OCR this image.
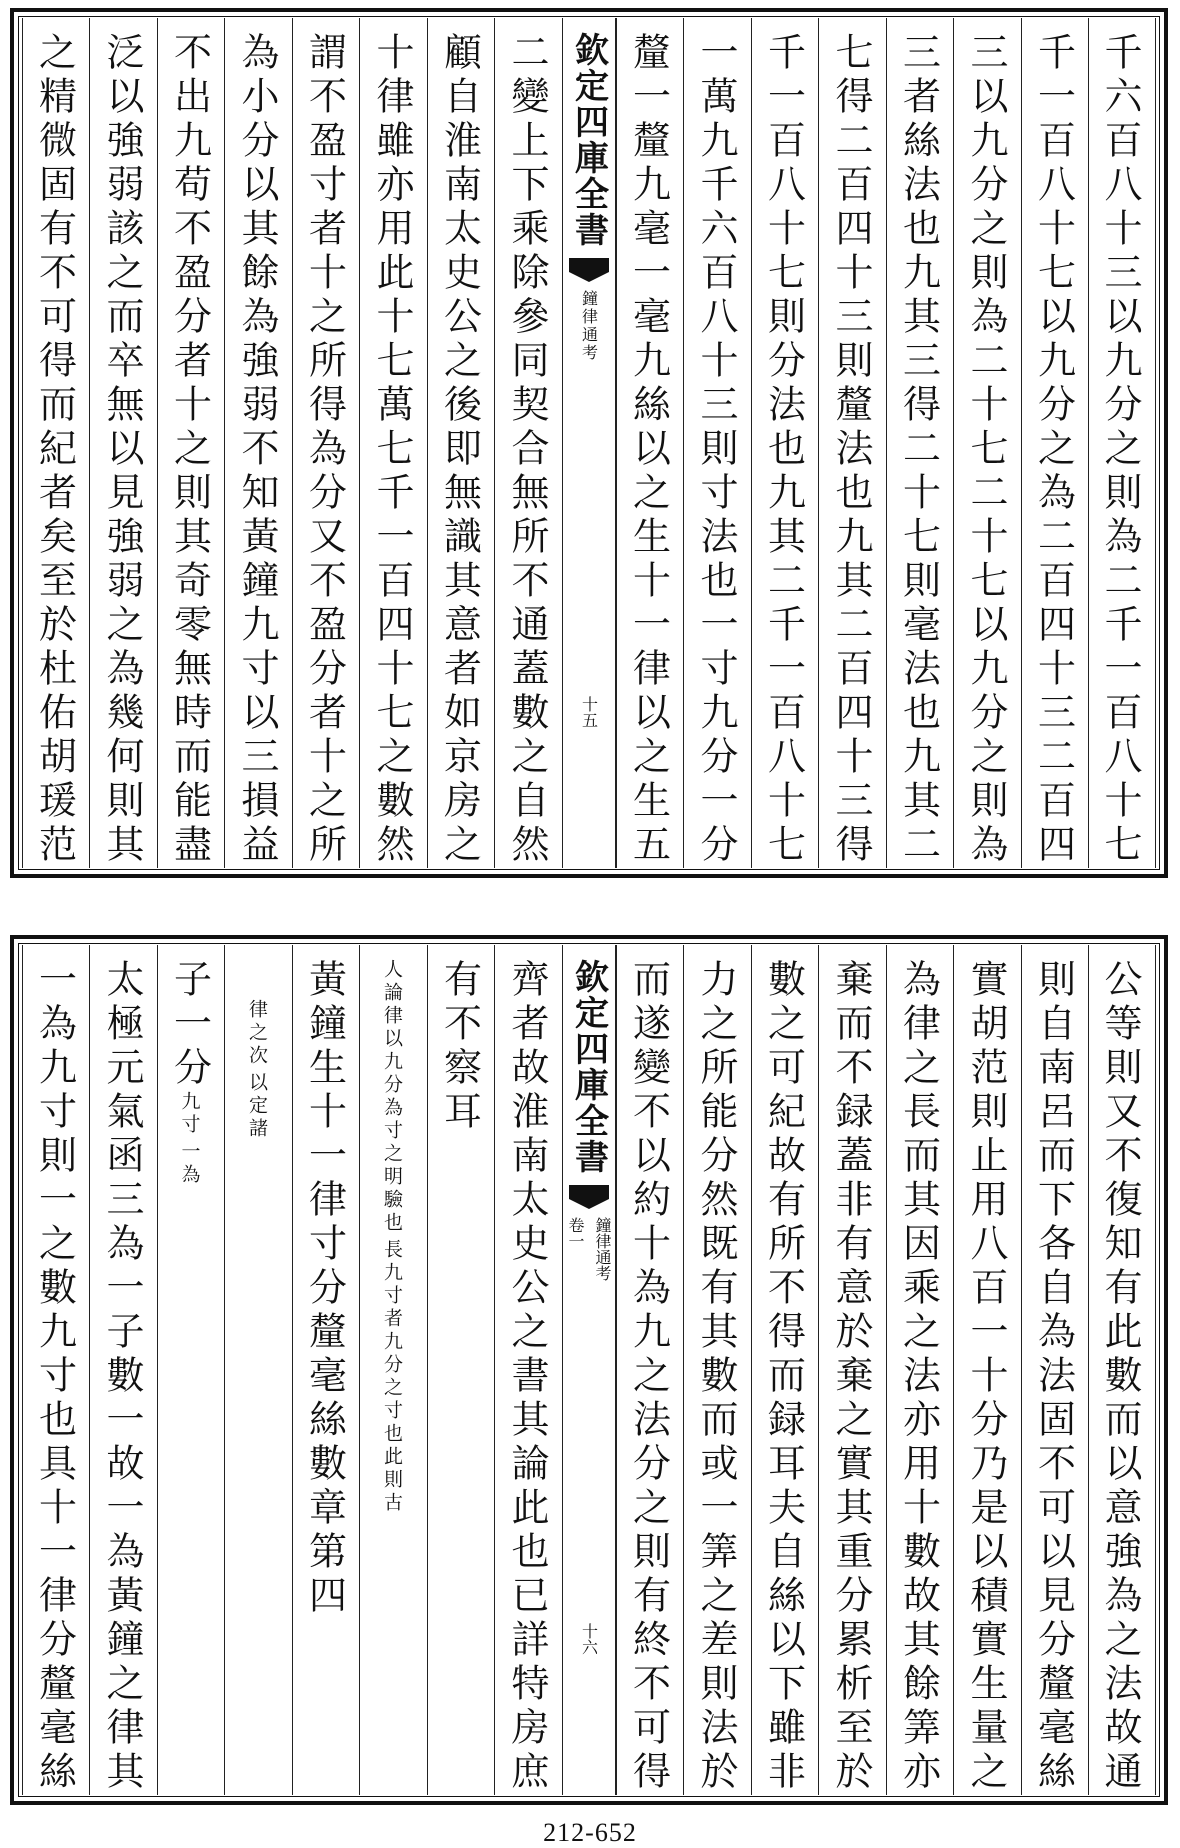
千六百八十三以九分之則為二千一百八十七
千一百八十七以九分之為二百四十三二百四
三以九分之則為二十七二十七以九分之則為
三者絲法也九其三得二十七則毫法也九其二
七得二百四十三則釐法也九其二百四十三得
千一百八十七則分法也九其二千一百八十七
一萬九千六百八十三則寸法也一寸九分一分
釐一釐九毫一毫九絲以之生十一律以之生五
欽定四庫全書
鐘律通考
十五
二變上下乘除參同契合無所不通蓋數之自然
顧自淮南太史公之後即無識其意者如京房之
十律雖亦用此十七萬七千一百四十七之數然
謂不盈寸者十之所得為分又不盈分者十之所
為小分以其餘為強弱不知黃鐘九寸以三損益
不出九苟不盈分者十之則其奇零無時而能盡
泛以強弱該之而卒無以見強弱之為幾何則其
之精微固有不可得而紀者矣至於杜佑胡瑗范
公等則又不復知有此數而以意強為之法故通
則自南呂而下各自為法固不可以見分釐毫絲
實胡范則止用八百一十分乃是以積實生量之
為律之長而其因乘之法亦用十數故其餘筭亦
棄而不録蓋非有意於棄之實其重分累析至於
數之可紀故有所不得而録耳夫自絲以下雖非
力之所能分然既有其數而或一筭之差則法於
而遂變不以約十為九之法分之則有終不可得
欽定四庫全書
鐘律通考
卷一
十六
齊者故淮南太史公之書其論此也已詳特房庶
有不察耳
長九寸者九分之寸也此則古
人論律以九分為寸之明驗也
黃鐘生十一律寸分釐毫絲數章第四
以定諸
律之次
子一分
一為
九寸
太極元氣函三為一子數一故一為黃鐘之律其
一為九寸則一之數九寸也具十一律分釐毫絲
212-652
